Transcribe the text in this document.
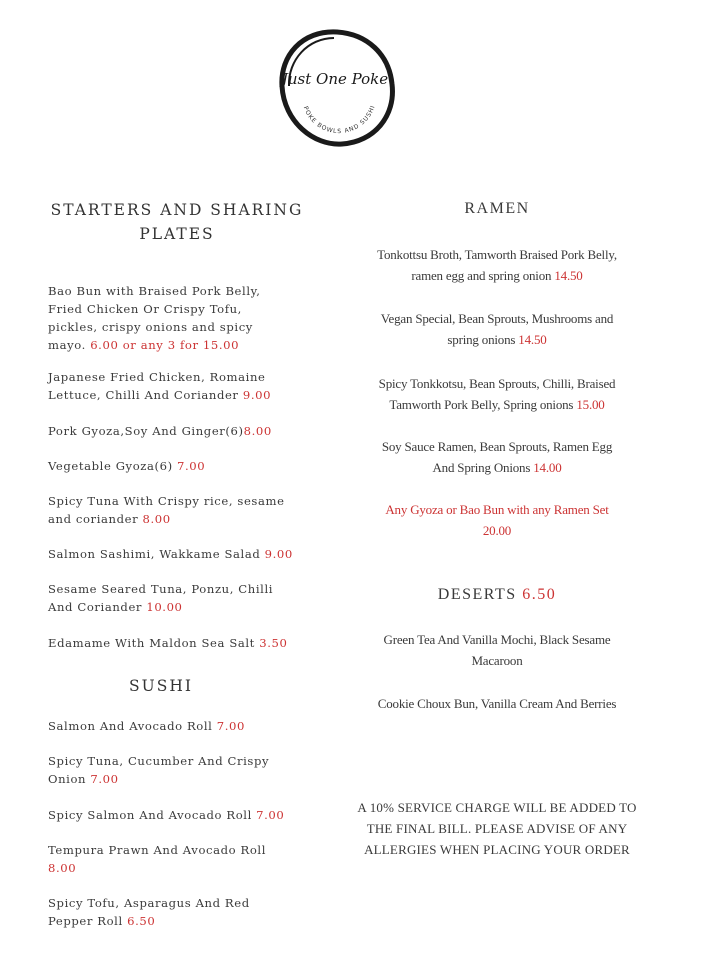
Just One Poke
POKE BOWLS AND SUSHI
STARTERS AND SHARING
PLATES
Bao Bun with Braised Pork Belly,
Fried Chicken Or Crispy Tofu,
pickles, crispy onions and spicy
mayo. 6.00 or any 3 for 15.00
Japanese Fried Chicken, Romaine
Lettuce, Chilli And Coriander 9.00
Pork Gyoza,Soy And Ginger(6)8.00
Vegetable Gyoza(6) 7.00
Spicy Tuna With Crispy rice, sesame
and coriander 8.00
Salmon Sashimi, Wakkame Salad 9.00
Sesame Seared Tuna, Ponzu, Chilli
And Coriander 10.00
Edamame With Maldon Sea Salt 3.50
SUSHI
Salmon And Avocado Roll 7.00
Spicy Tuna, Cucumber And Crispy
Onion 7.00
Spicy Salmon And Avocado Roll 7.00
Tempura Prawn And Avocado Roll
8.00
Spicy Tofu, Asparagus And Red
Pepper Roll 6.50
RAMEN
Tonkottsu Broth, Tamworth Braised Pork Belly,
ramen egg and spring onion 14.50
Vegan Special, Bean Sprouts, Mushrooms and
spring onions 14.50
Spicy Tonkkotsu, Bean Sprouts, Chilli, Braised
Tamworth Pork Belly, Spring onions 15.00
Soy Sauce Ramen, Bean Sprouts, Ramen Egg
And Spring Onions 14.00
Any Gyoza or Bao Bun with any Ramen Set
20.00
DESERTS 6.50
Green Tea And Vanilla Mochi, Black Sesame
Macaroon
Cookie Choux Bun, Vanilla Cream And Berries
A 10% SERVICE CHARGE WILL BE ADDED TO
THE FINAL BILL. PLEASE ADVISE OF ANY
ALLERGIES WHEN PLACING YOUR ORDER
